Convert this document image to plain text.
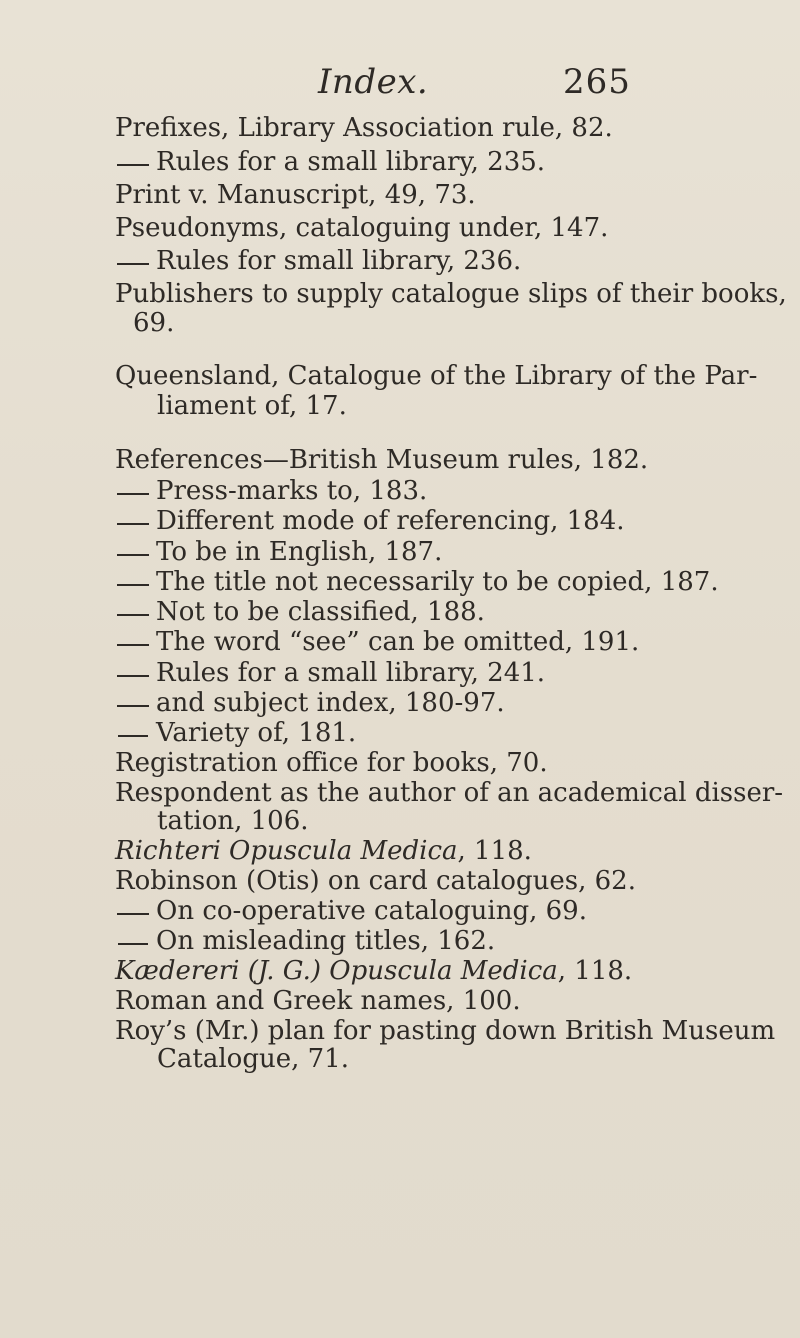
Index.	265
Prefixes, Library Association rule, 82.
Rules for a small library, 235.
Print v. Manuscript, 49, 73.
Pseudonyms, cataloguing under, 147.
Rules for small library, 236.
Publishers to supply catalogue slips of their books,
69.
Queensland, Catalogue of the Library of the Par-
liament of, 17.
References—British Museum rules, 182.
Press-marks to, 183.
Different mode of referencing, 184.
To be in English, 187.
The title not necessarily to be copied, 187.
Not to be classified, 188.
The word “see” can be omitted, 191.
Rules for a small library, 241.
and subject index, 180-97.
Variety of, 181.
Registration office for books, 70.
Respondent as the author of an academical disser-
tation, 106.
Richteri Opuscula Medica, 118.
Robinson (Otis) on card catalogues, 62.
On co-operative cataloguing, 69.
On misleading titles, 162.
Kædereri (J. G.) Opuscula Medica, 118.
Roman and Greek names, 100.
Roy’s (Mr.) plan for pasting down British Museum
Catalogue, 71.
